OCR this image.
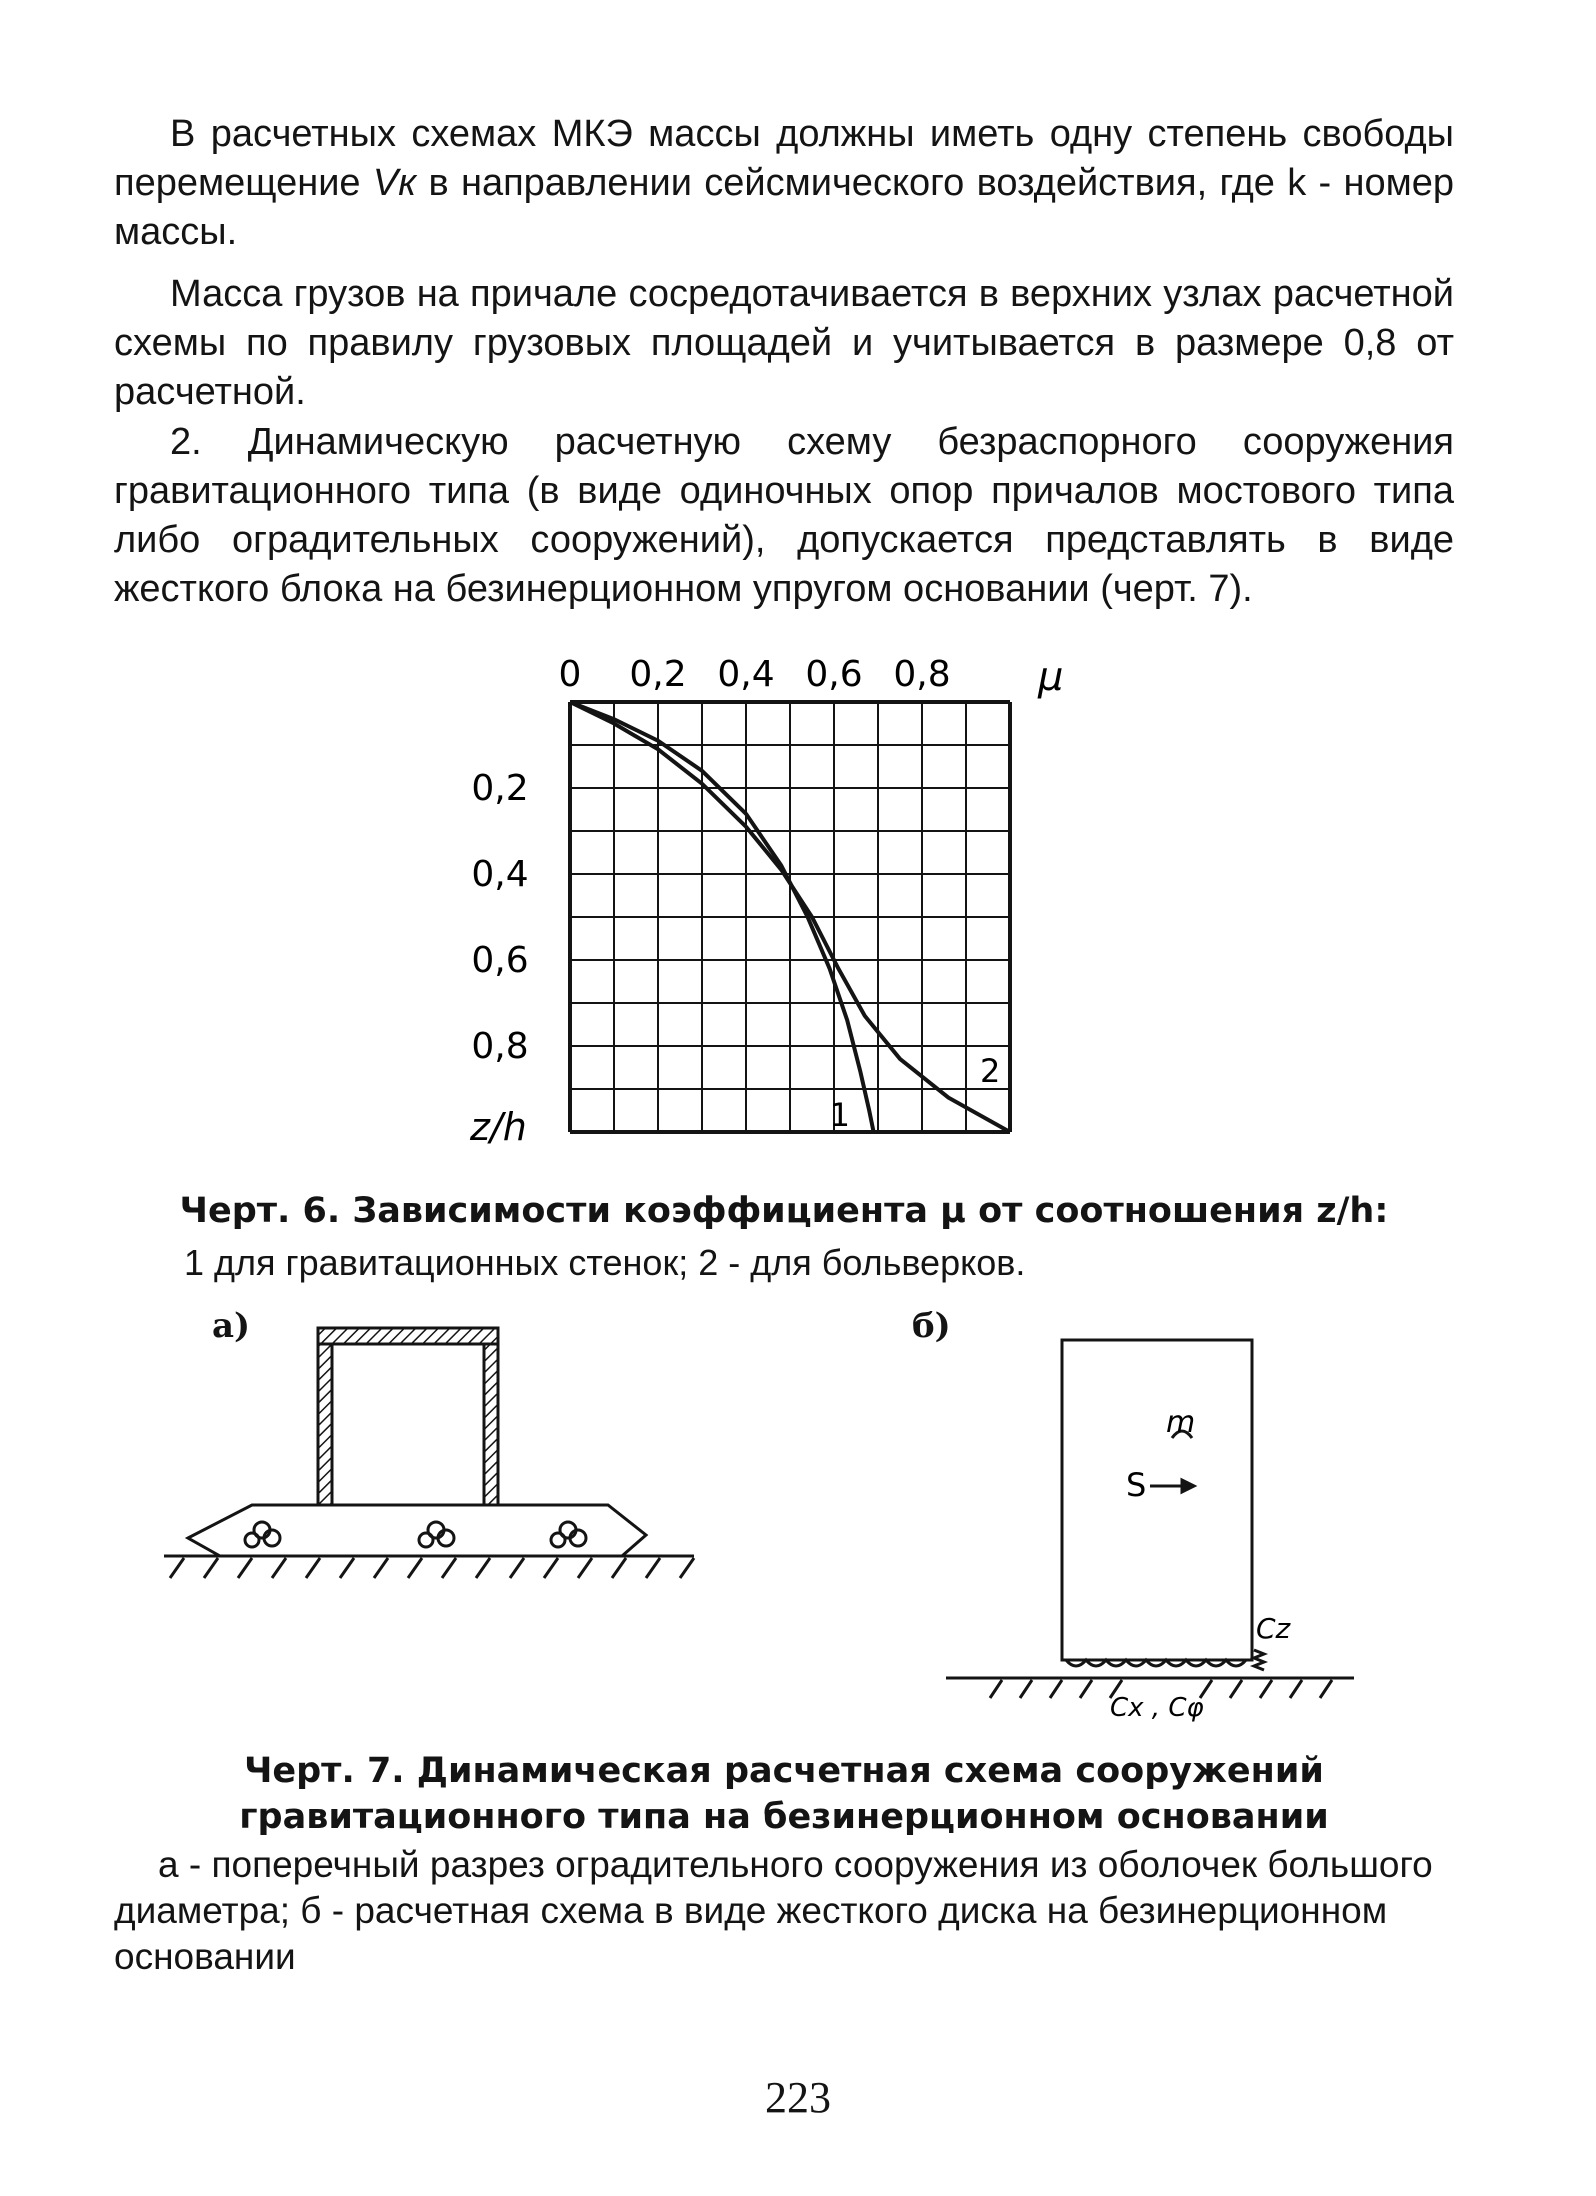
В расчетных схемах МКЭ массы должны иметь одну степень свободы перемещение Vк в направлении сейсмического воздействия, где k - номер массы.

Масса грузов на причале сосредотачивается в верхних узлах расчетной схемы по правилу грузовых площадей и учитывается в размере 0,8 от расчетной.

2. Динамическую расчетную схему безраспорного сооружения гравитационного типа (в виде одиночных опор причалов мостового типа либо оградительных сооружений), допускается представлять в виде жесткого блока на безинерционном упругом основании (черт. 7).

0 0,2 0,4 0,6 0,8
0,2
0,4
0,6
0,8
1
2
μ
z/h

Черт. 6. Зависимости коэффициента μ от соотношения z/h:

1 для гравитационных стенок; 2 - для больверков.

а)	б)
m
S
Cz
Cx , Cφ

Черт. 7. Динамическая расчетная схема сооружений гравитационного типа на безинерционном основании

а - поперечный разрез оградительного сооружения из оболочек большого диаметра; б - расчетная схема в виде жесткого диска на безинерционном основании

223
